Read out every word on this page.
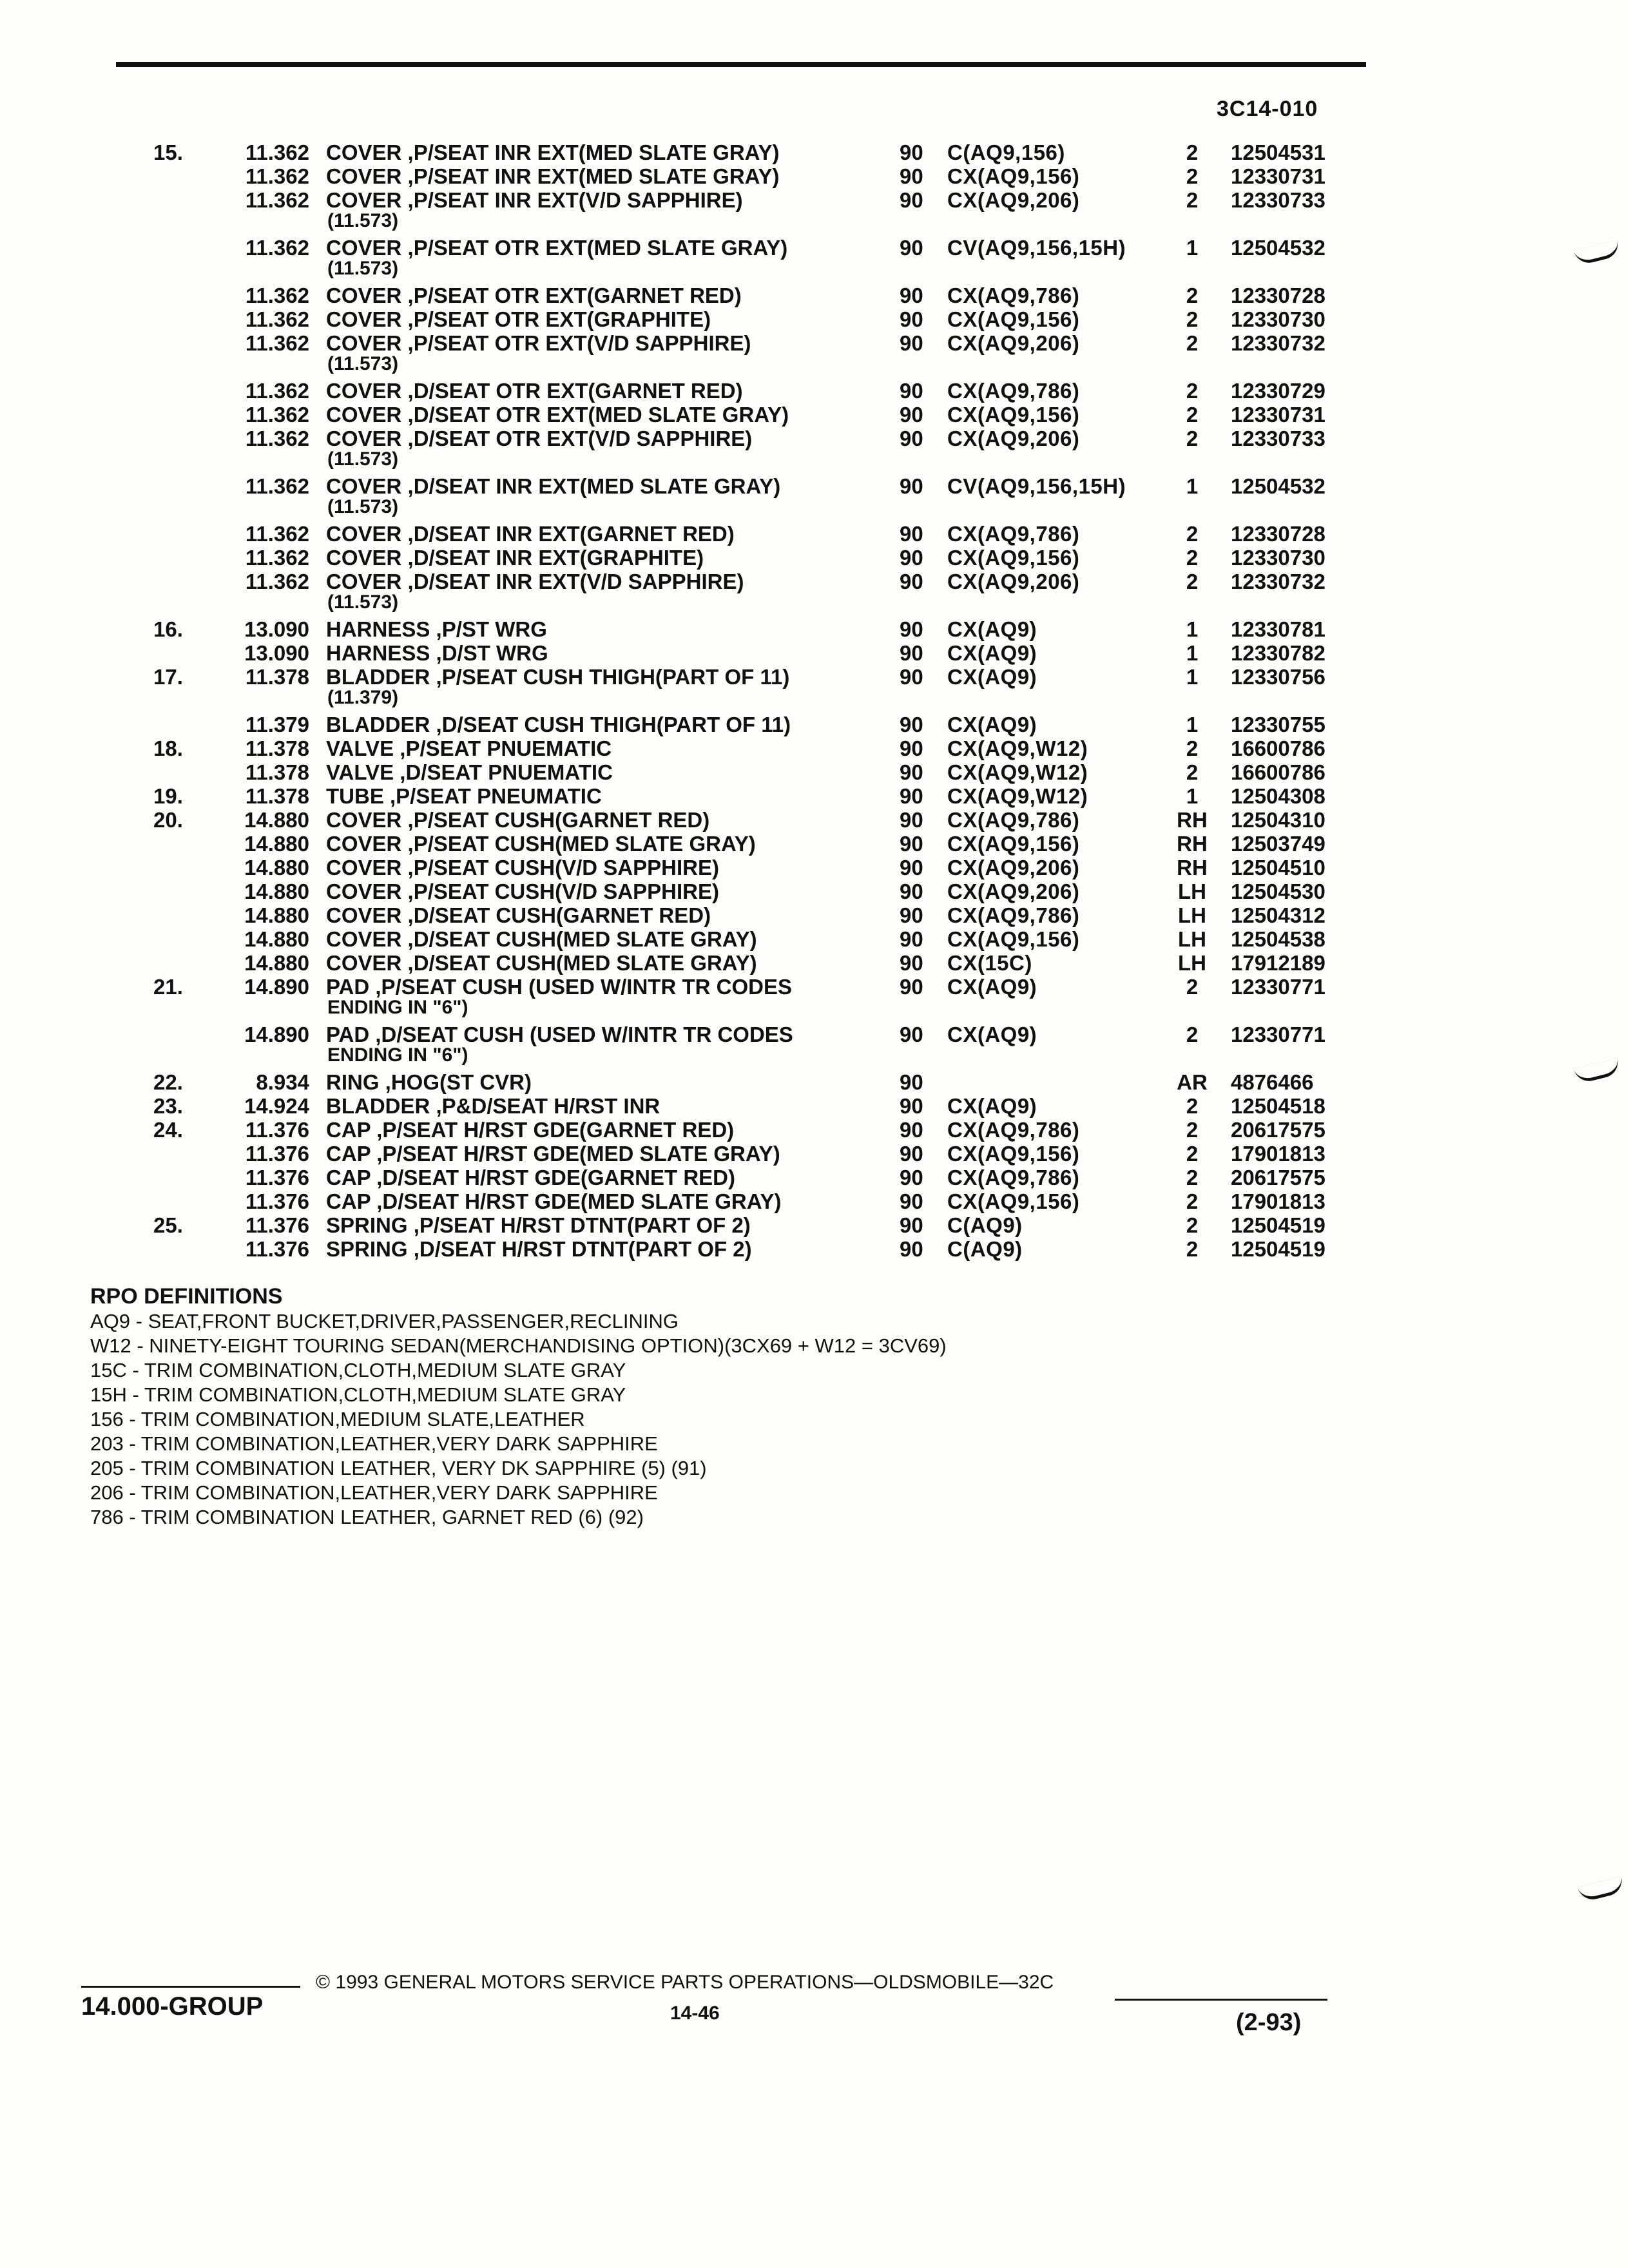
3C14-010
15.	11.362 COVER ,P/SEAT INR EXT(MED SLATE GRAY)	90 C(AQ9,156)	2	12504531
11.362 COVER ,P/SEAT INR EXT(MED SLATE GRAY)	90 CX(AQ9,156)	2	12330731
11.362 COVER ,P/SEAT INR EXT(V/D SAPPHIRE)	90 CX(AQ9,206)	2	12330733
(11.573)
11.362 COVER ,P/SEAT OTR EXT(MED SLATE GRAY)	90 CV(AQ9,156,15H)	1	12504532
(11.573)
11.362 COVER ,P/SEAT OTR EXT(GARNET RED)	90 CX(AQ9,786)	2	12330728
11.362 COVER ,P/SEAT OTR EXT(GRAPHITE)	90 CX(AQ9,156)	2	12330730
11.362 COVER ,P/SEAT OTR EXT(V/D SAPPHIRE)	90 CX(AQ9,206)	2	12330732
(11.573)
11.362 COVER ,D/SEAT OTR EXT(GARNET RED)	90 CX(AQ9,786)	2	12330729
11.362 COVER ,D/SEAT OTR EXT(MED SLATE GRAY)	90 CX(AQ9,156)	2	12330731
11.362 COVER ,D/SEAT OTR EXT(V/D SAPPHIRE)	90 CX(AQ9,206)	2	12330733
(11.573)
11.362 COVER ,D/SEAT INR EXT(MED SLATE GRAY)	90 CV(AQ9,156,15H)	1	12504532
(11.573)
11.362 COVER ,D/SEAT INR EXT(GARNET RED)	90 CX(AQ9,786)	2	12330728
11.362 COVER ,D/SEAT INR EXT(GRAPHITE)	90 CX(AQ9,156)	2	12330730
11.362 COVER ,D/SEAT INR EXT(V/D SAPPHIRE)	90 CX(AQ9,206)	2	12330732
(11.573)
16.	13.090 HARNESS ,P/ST WRG	90 CX(AQ9)	1	12330781
13.090 HARNESS ,D/ST WRG	90 CX(AQ9)	1	12330782
17.	11.378 BLADDER ,P/SEAT CUSH THIGH(PART OF 11)	90 CX(AQ9)	1	12330756
(11.379)
11.379 BLADDER ,D/SEAT CUSH THIGH(PART OF 11)	90 CX(AQ9)	1	12330755
18.	11.378 VALVE ,P/SEAT PNUEMATIC	90 CX(AQ9,W12)	2	16600786
11.378 VALVE ,D/SEAT PNUEMATIC	90 CX(AQ9,W12)	2	16600786
19.	11.378 TUBE ,P/SEAT PNEUMATIC	90 CX(AQ9,W12)	1	12504308
20.	14.880 COVER ,P/SEAT CUSH(GARNET RED)	90 CX(AQ9,786)	RH	12504310
14.880 COVER ,P/SEAT CUSH(MED SLATE GRAY)	90 CX(AQ9,156)	RH	12503749
14.880 COVER ,P/SEAT CUSH(V/D SAPPHIRE)	90 CX(AQ9,206)	RH	12504510
14.880 COVER ,P/SEAT CUSH(V/D SAPPHIRE)	90 CX(AQ9,206)	LH	12504530
14.880 COVER ,D/SEAT CUSH(GARNET RED)	90 CX(AQ9,786)	LH	12504312
14.880 COVER ,D/SEAT CUSH(MED SLATE GRAY)	90 CX(AQ9,156)	LH	12504538
14.880 COVER ,D/SEAT CUSH(MED SLATE GRAY)	90 CX(15C)	LH	17912189
21.	14.890 PAD ,P/SEAT CUSH (USED W/INTR TR CODES	90 CX(AQ9)	2	12330771
ENDING IN "6")
14.890 PAD ,D/SEAT CUSH (USED W/INTR TR CODES	90 CX(AQ9)	2	12330771
ENDING IN "6")
22.	8.934 RING ,HOG(ST CVR)	90	AR	4876466
23.	14.924 BLADDER ,P&D/SEAT H/RST INR	90 CX(AQ9)	2	12504518
24.	11.376 CAP ,P/SEAT H/RST GDE(GARNET RED)	90 CX(AQ9,786)	2	20617575
11.376 CAP ,P/SEAT H/RST GDE(MED SLATE GRAY)	90 CX(AQ9,156)	2	17901813
11.376 CAP ,D/SEAT H/RST GDE(GARNET RED)	90 CX(AQ9,786)	2	20617575
11.376 CAP ,D/SEAT H/RST GDE(MED SLATE GRAY)	90 CX(AQ9,156)	2	17901813
25.	11.376 SPRING ,P/SEAT H/RST DTNT(PART OF 2)	90 C(AQ9)	2	12504519
11.376 SPRING ,D/SEAT H/RST DTNT(PART OF 2)	90 C(AQ9)	2	12504519
RPO DEFINITIONS
AQ9 - SEAT,FRONT BUCKET,DRIVER,PASSENGER,RECLINING
W12 - NINETY-EIGHT TOURING SEDAN(MERCHANDISING OPTION)(3CX69 + W12 = 3CV69)
15C - TRIM COMBINATION,CLOTH,MEDIUM SLATE GRAY
15H - TRIM COMBINATION,CLOTH,MEDIUM SLATE GRAY
156 - TRIM COMBINATION,MEDIUM SLATE,LEATHER
203 - TRIM COMBINATION,LEATHER,VERY DARK SAPPHIRE
205 - TRIM COMBINATION LEATHER, VERY DK SAPPHIRE (5) (91)
206 - TRIM COMBINATION,LEATHER,VERY DARK SAPPHIRE
786 - TRIM COMBINATION LEATHER, GARNET RED (6) (92)
14.000-GROUP
© 1993 GENERAL MOTORS SERVICE PARTS OPERATIONS—OLDSMOBILE—32C
14-46	(2-93)
